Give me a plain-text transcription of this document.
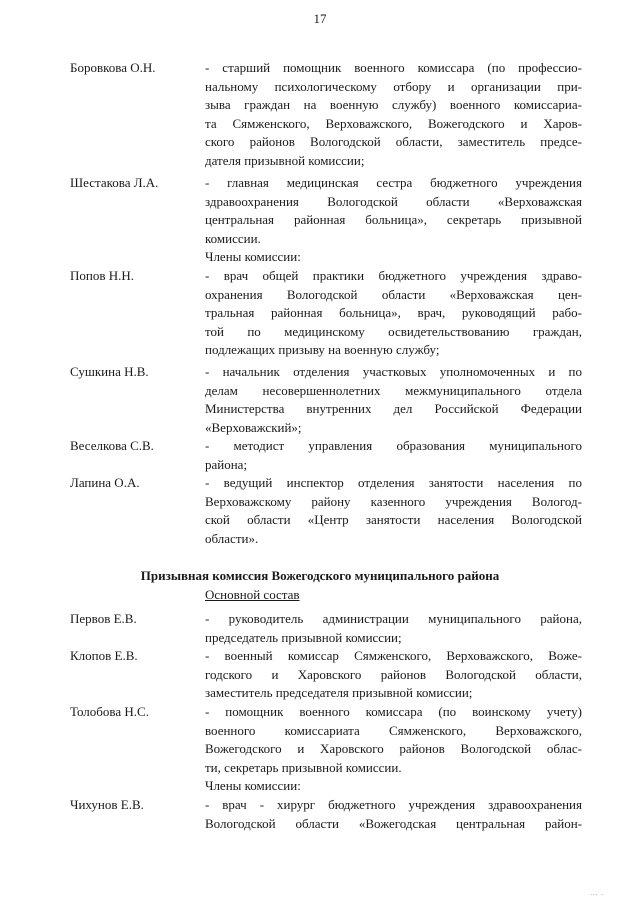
17
Боровкова О.Н.	- старший помощник военного комиссара (по профессио-
нальному психологическому отбору и организации при-
зыва граждан на военную службу) военного комиссариа-
та Сямженского, Верховажского, Вожегодского и Харов-
ского районов Вологодской области, заместитель предсе-
дателя призывной комиссии;
Шестакова Л.А.	- главная медицинская сестра бюджетного учреждения
здравоохранения Вологодской области «Верховажская
центральная районная больница», секретарь призывной
комиссии.
Члены комиссии:
Попов Н.Н.	- врач общей практики бюджетного учреждения здраво-
охранения Вологодской области «Верховажская цен-
тральная районная больница», врач, руководящий рабо-
той по медицинскому освидетельствованию граждан,
подлежащих призыву на военную службу;
Сушкина Н.В.	- начальник отделения участковых уполномоченных и по
делам несовершеннолетних межмуниципального отдела
Министерства внутренних дел Российской Федерации
«Верховажский»;
Веселкова С.В.	- методист управления образования муниципального
района;
Лапина О.А.	- ведущий инспектор отделения занятости населения по
Верховажскому району казенного учреждения Вологод-
ской области «Центр занятости населения Вологодской
области».
Призывная комиссия Вожегодского муниципального района
Основной состав
Первов Е.В.	- руководитель администрации муниципального района,
председатель призывной комиссии;
Клопов Е.В.	- военный комиссар Сямженского, Верховажского, Воже-
годского и Харовского районов Вологодской области,
заместитель председателя призывной комиссии;
Толобова Н.С.	- помощник военного комиссара (по воинскому учету)
военного комиссариата Сямженского, Верховажского,
Вожегодского и Харовского районов Вологодской облас-
ти, секретарь призывной комиссии.
Члены комиссии:
Чихунов Е.В.	- врач - хирург бюджетного учреждения здравоохранения
Вологодской области «Вожегодская центральная район-
∙∙∙ ∙
